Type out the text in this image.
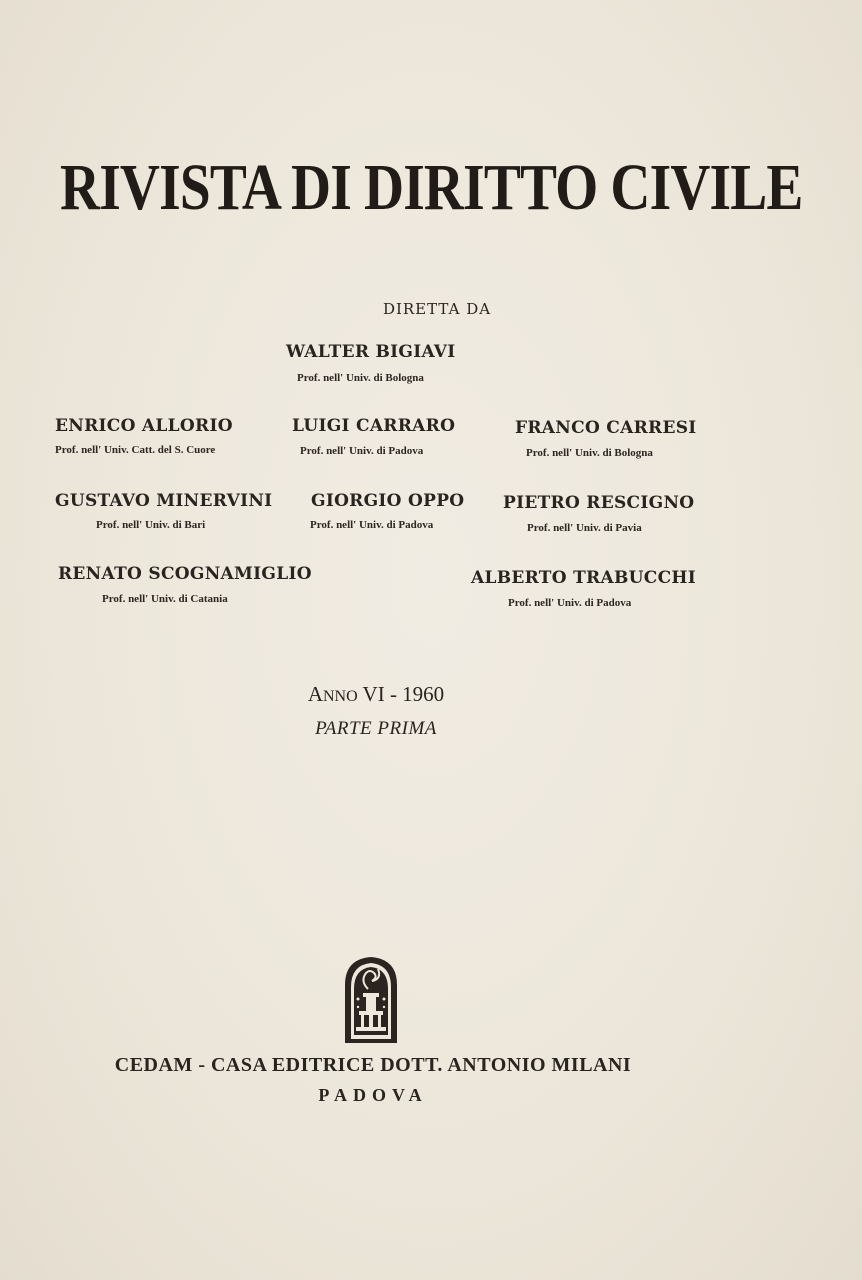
RIVISTA DI DIRITTO CIVILE
DIRETTA DA
WALTER BIGIAVI
Prof. nell' Univ. di Bologna
ENRICO ALLORIO
Prof. nell' Univ. Catt. del S. Cuore
LUIGI CARRARO
Prof. nell' Univ. di Padova
FRANCO CARRESI
Prof. nell' Univ. di Bologna
GUSTAVO MINERVINI
Prof. nell' Univ. di Bari
GIORGIO OPPO
Prof. nell' Univ. di Padova
PIETRO RESCIGNO
Prof. nell' Univ. di Pavia
RENATO SCOGNAMIGLIO
Prof. nell' Univ. di Catania
ALBERTO TRABUCCHI
Prof. nell' Univ. di Padova
ANNO VI - 1960
PARTE PRIMA
CEDAM - CASA EDITRICE DOTT. ANTONIO MILANI
PADOVA
